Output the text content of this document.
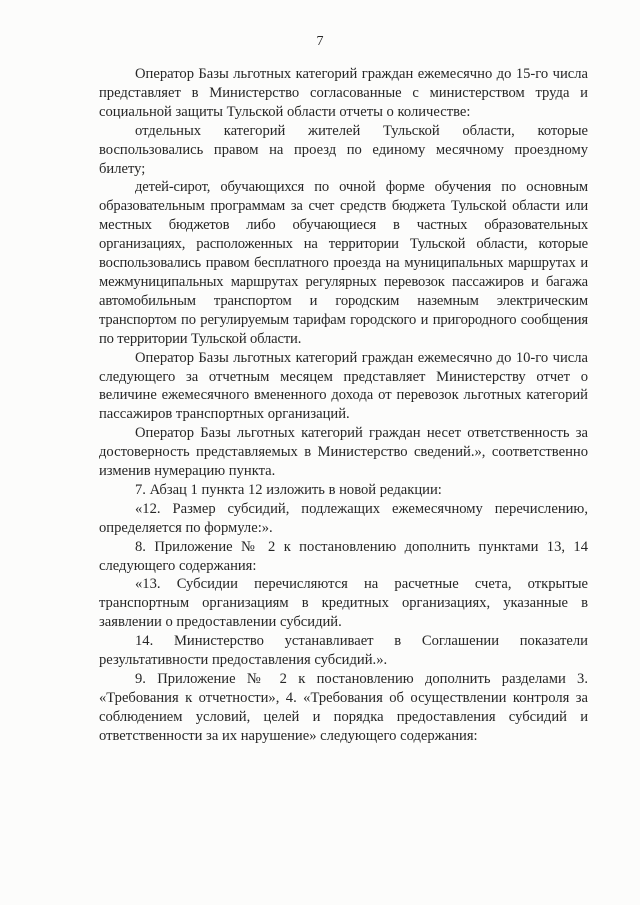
7

Оператор Базы льготных категорий граждан ежемесячно до 15-го числа представляет в Министерство согласованные с министерством труда и социальной защиты Тульской области отчеты о количестве:

отдельных категорий жителей Тульской области, которые воспользовались правом на проезд по единому месячному проездному билету;

детей-сирот, обучающихся по очной форме обучения по основным образовательным программам за счет средств бюджета Тульской области или местных бюджетов либо обучающиеся в частных образовательных организациях, расположенных на территории Тульской области, которые воспользовались правом бесплатного проезда на муниципальных маршрутах и межмуниципальных маршрутах регулярных перевозок пассажиров и багажа автомобильным транспортом и городским наземным электрическим транспортом по регулируемым тарифам городского и пригородного сообщения по территории Тульской области.

Оператор Базы льготных категорий граждан ежемесячно до 10-го числа следующего за отчетным месяцем представляет Министерству отчет о величине ежемесячного вмененного дохода от перевозок льготных категорий пассажиров транспортных организаций.

Оператор Базы льготных категорий граждан несет ответственность за достоверность представляемых в Министерство сведений.», соответственно изменив нумерацию пункта.

7. Абзац 1 пункта 12 изложить в новой редакции:

«12. Размер субсидий, подлежащих ежемесячному перечислению, определяется по формуле:».

8. Приложение № 2 к постановлению дополнить пунктами 13, 14 следующего содержания:

«13. Субсидии перечисляются на расчетные счета, открытые транспортным организациям в кредитных организациях, указанные в заявлении о предоставлении субсидий.

14. Министерство устанавливает в Соглашении показатели результативности предоставления субсидий.».

9. Приложение № 2 к постановлению дополнить разделами 3. «Требования к отчетности», 4. «Требования об осуществлении контроля за соблюдением условий, целей и порядка предоставления субсидий и ответственности за их нарушение» следующего содержания:
